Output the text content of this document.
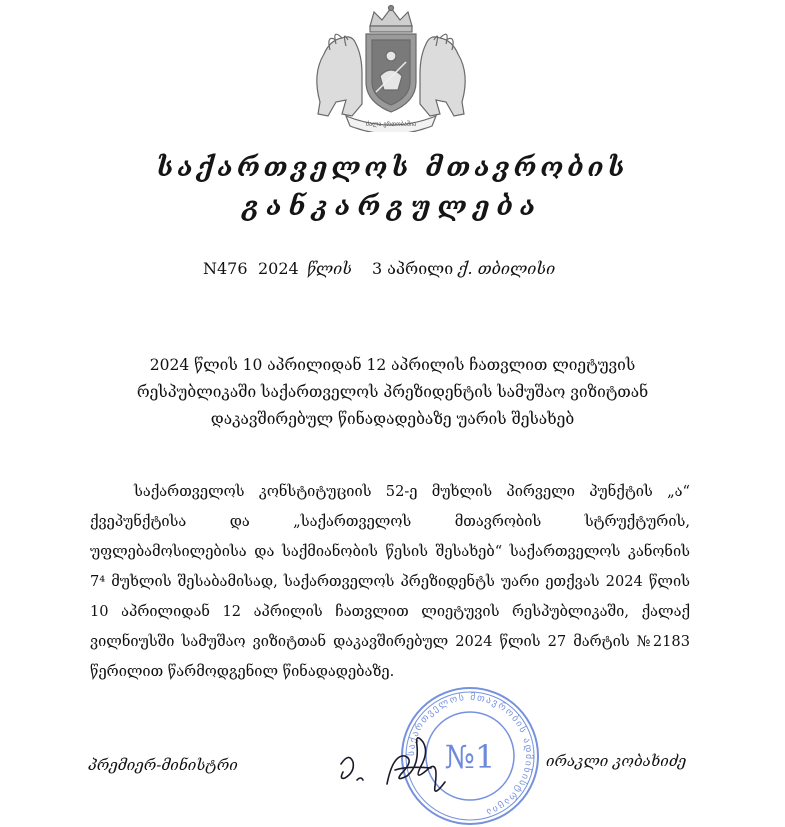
ძალა ერთობაშია
საქართველოს მთავრობის
განკარგულება
N476 2024 წლის 3 აპრილი ქ. თბილისი
2024 წლის 10 აპრილიდან 12 აპრილის ჩათვლით ლიეტუვის
რესპუბლიკაში საქართველოს პრეზიდენტის სამუშაო ვიზიტთან
დაკავშირებულ წინადადებაზე უარის შესახებ
საქართველოს კონსტიტუციის 52-ე მუხლის პირველი პუნქტის „ა“ ქვეპუნქტისა და „საქართველოს მთავრობის სტრუქტურის, უფლებამოსილებისა და საქმიანობის წესის შესახებ“ საქართველოს კანონის 7⁴ მუხლის შესაბამისად, საქართველოს პრეზიდენტს უარი ეთქვას 2024 წლის 10 აპრილიდან 12 აპრილის ჩათვლით ლიეტუვის რესპუბლიკაში, ქალაქ ვილნიუსში სამუშაო ვიზიტთან დაკავშირებულ 2024 წლის 27 მარტის №2183 წერილით წარმოდგენილ წინადადებაზე.
საქართველოს მთავრობის ადმინისტრაცია
№1
პრემიერ-მინისტრი	ირაკლი კობახიძე
